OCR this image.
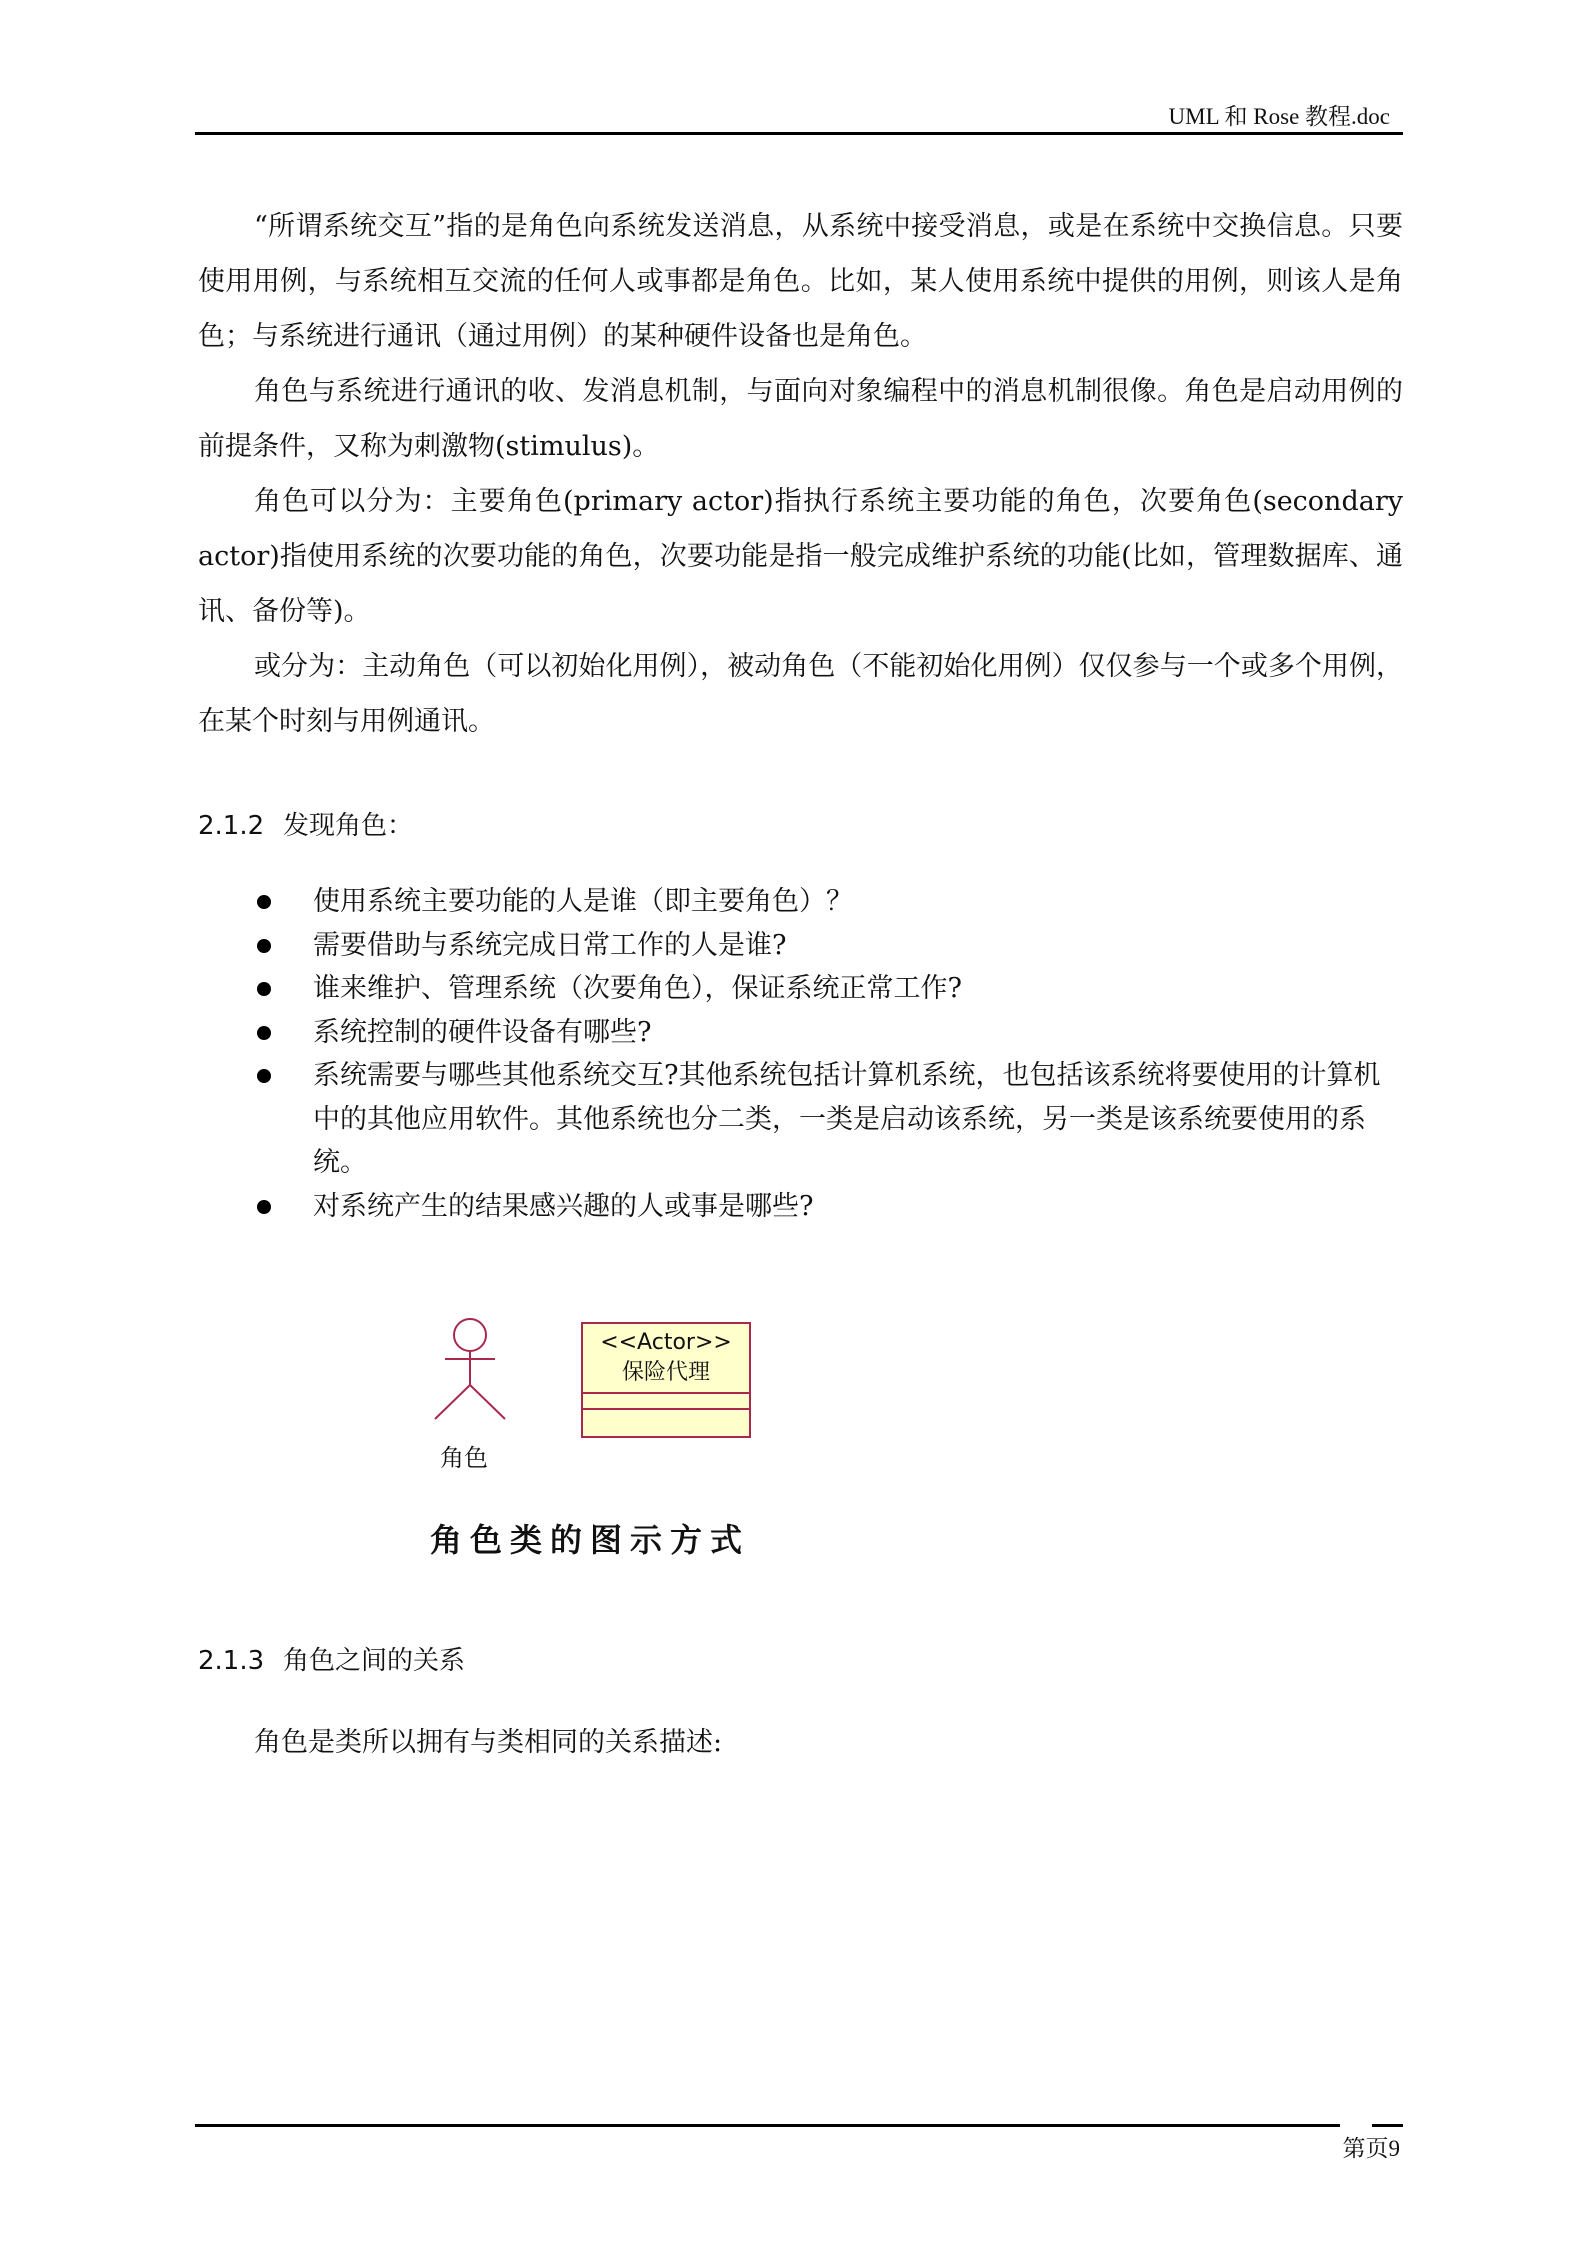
UML 和 Rose 教程.doc

“所谓系统交互”指的是角色向系统发送消息，从系统中接受消息，或是在系统中交换信息。只要使用用例，与系统相互交流的任何人或事都是角色。比如，某人使用系统中提供的用例，则该人是角色；与系统进行通讯（通过用例）的某种硬件设备也是角色。

角色与系统进行通讯的收、发消息机制，与面向对象编程中的消息机制很像。角色是启动用例的前提条件，又称为刺激物(stimulus)。

角色可以分为：主要角色(primary actor)指执行系统主要功能的角色，次要角色(secondary actor)指使用系统的次要功能的角色，次要功能是指一般完成维护系统的功能(比如，管理数据库、通讯、备份等)。

或分为：主动角色（可以初始化用例），被动角色（不能初始化用例）仅仅参与一个或多个用例，在某个时刻与用例通讯。

2.1.2 发现角色：
使用系统主要功能的人是谁（即主要角色）？
需要借助与系统完成日常工作的人是谁?
谁来维护、管理系统（次要角色），保证系统正常工作?
系统控制的硬件设备有哪些?
系统需要与哪些其他系统交互?其他系统包括计算机系统，也包括该系统将要使用的计算机中的其他应用软件。其他系统也分二类，一类是启动该系统，另一类是该系统要使用的系统。
对系统产生的结果感兴趣的人或事是哪些?
角色
<<Actor>>
保险代理
角色类的图示方式
2.1.3 角色之间的关系

角色是类所以拥有与类相同的关系描述:

第页9
